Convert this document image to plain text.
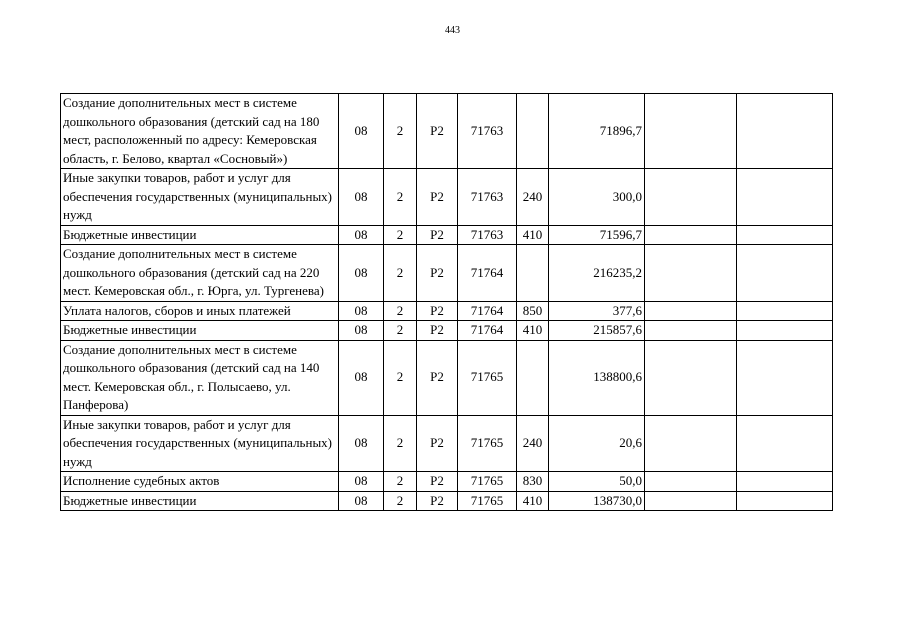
443
Создание дополнительных мест в системе дошкольного образования (детский сад на 180 мест, расположенный по адресу: Кемеровская область, г. Белово, квартал «Сосновый»)	08	2	Р2	71763		71896,7		
Иные закупки товаров, работ и услуг для обеспечения государственных (муниципальных) нужд	08	2	Р2	71763	240	300,0		
Бюджетные инвестиции	08	2	Р2	71763	410	71596,7		
Создание дополнительных мест в системе дошкольного образования (детский сад на 220 мест. Кемеровская обл., г. Юрга, ул. Тургенева)	08	2	Р2	71764		216235,2		
Уплата налогов, сборов и иных платежей	08	2	Р2	71764	850	377,6		
Бюджетные инвестиции	08	2	Р2	71764	410	215857,6		
Создание дополнительных мест в системе дошкольного образования (детский сад на 140 мест. Кемеровская обл., г. Полысаево, ул. Панферова)	08	2	Р2	71765		138800,6		
Иные закупки товаров, работ и услуг для обеспечения государственных (муниципальных) нужд	08	2	Р2	71765	240	20,6		
Исполнение судебных актов	08	2	Р2	71765	830	50,0		
Бюджетные инвестиции	08	2	Р2	71765	410	138730,0		
